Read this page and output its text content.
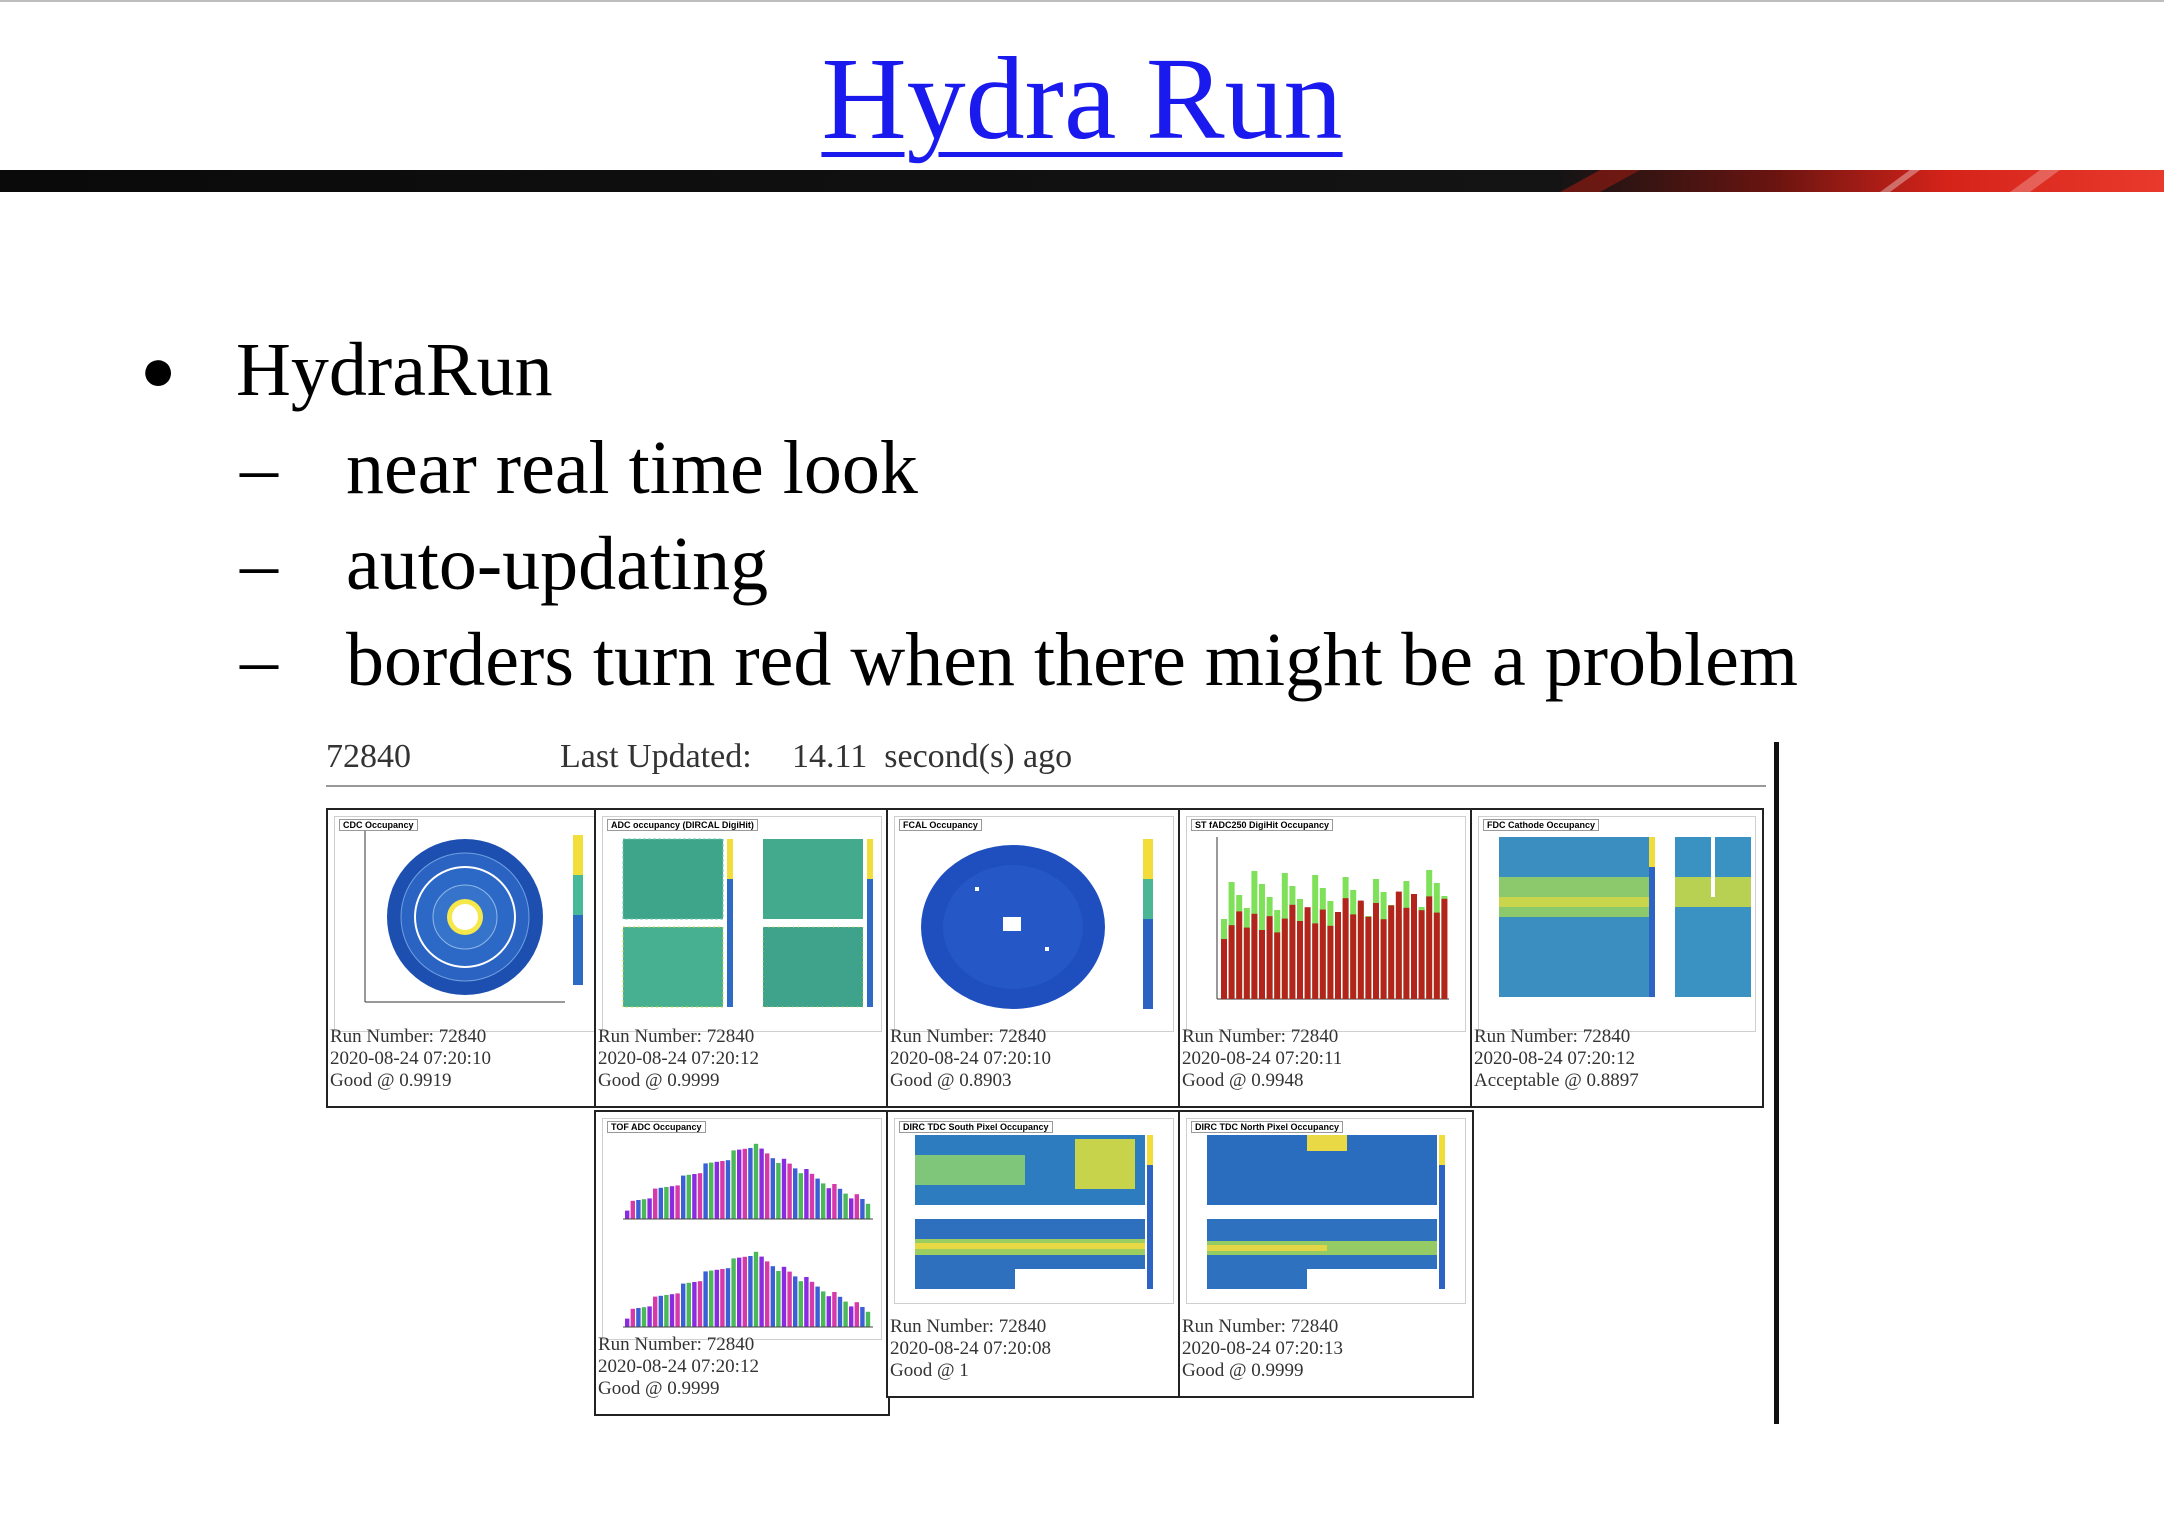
Hydra Run
● HydraRun
– near real time look
– auto-updating
– borders turn red when there might be a problem
72840	Last Updated: 14.11 second(s) ago
CDC Occupancy
Run Number: 72840
2020-08-24 07:20:10
Good @ 0.9919
ADC occupancy (DIRCAL DigiHit)
Run Number: 72840
2020-08-24 07:20:12
Good @ 0.9999
FCAL Occupancy
Run Number: 72840
2020-08-24 07:20:10
Good @ 0.8903
ST fADC250 DigiHit Occupancy
Run Number: 72840
2020-08-24 07:20:11
Good @ 0.9948
FDC Cathode Occupancy
Run Number: 72840
2020-08-24 07:20:12
Acceptable @ 0.8897
TOF ADC Occupancy
Run Number: 72840
2020-08-24 07:20:12
Good @ 0.9999
DIRC TDC South Pixel Occupancy
Run Number: 72840
2020-08-24 07:20:08
Good @ 1
DIRC TDC North Pixel Occupancy
Run Number: 72840
2020-08-24 07:20:13
Good @ 0.9999
